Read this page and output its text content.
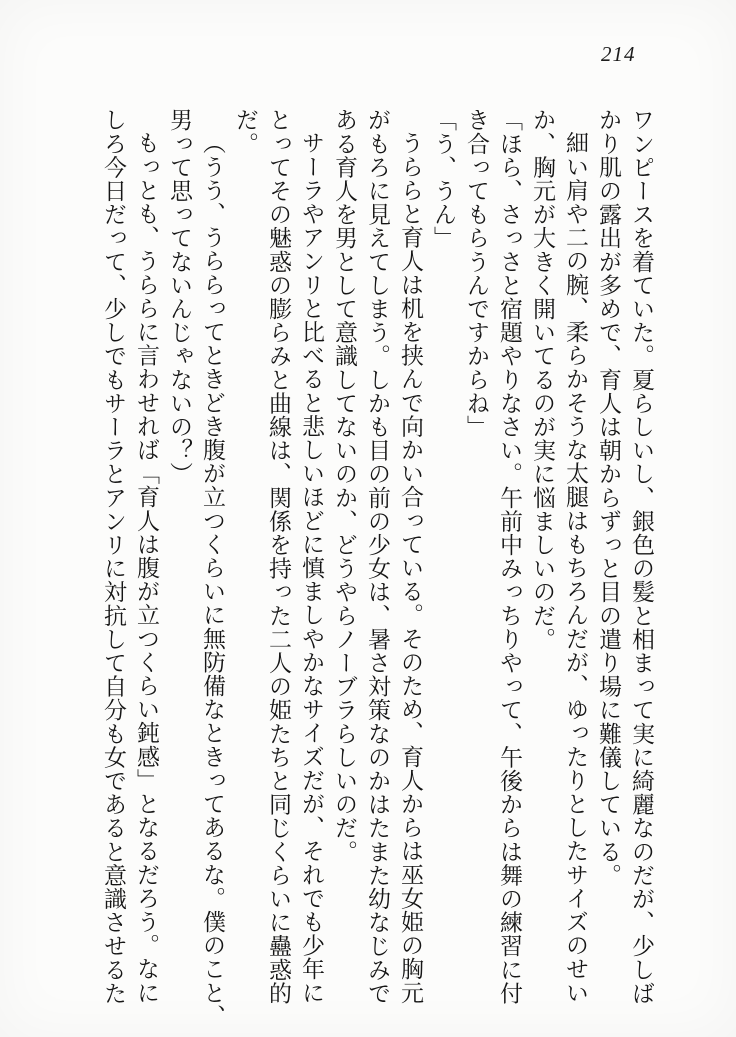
214
ワンピースを着ていた。夏らしいし、銀色の髪と相まって実に綺麗なのだが、少しば
かり肌の露出が多めで、育人は朝からずっと目の遣り場に難儀している。
細い肩や二の腕、柔らかそうな太腿はもちろんだが、ゆったりとしたサイズのせい
か、胸元が大きく開いてるのが実に悩ましいのだ。
「ほら、さっさと宿題やりなさい。午前中みっちりやって、午後からは舞の練習に付
き合ってもらうんですからね」
「う、うん」
うららと育人は机を挟んで向かい合っている。そのため、育人からは巫女姫の胸元
がもろに見えてしまう。しかも目の前の少女は、暑さ対策なのかはたまた幼なじみで
ある育人を男として意識してないのか、どうやらノーブラらしいのだ。
サーラやアンリと比べると悲しいほどに慎ましやかなサイズだが、それでも少年に
とってその魅惑の膨らみと曲線は、関係を持った二人の姫たちと同じくらいに蠱惑的
だ。
（うう、うららってときどき腹が立つくらいに無防備なときってあるな。僕のこと、
男って思ってないんじゃないの？）
もっとも、うららに言わせれば「育人は腹が立つくらい鈍感」となるだろう。なに
しろ今日だって、少しでもサーラとアンリに対抗して自分も女であると意識させるた
